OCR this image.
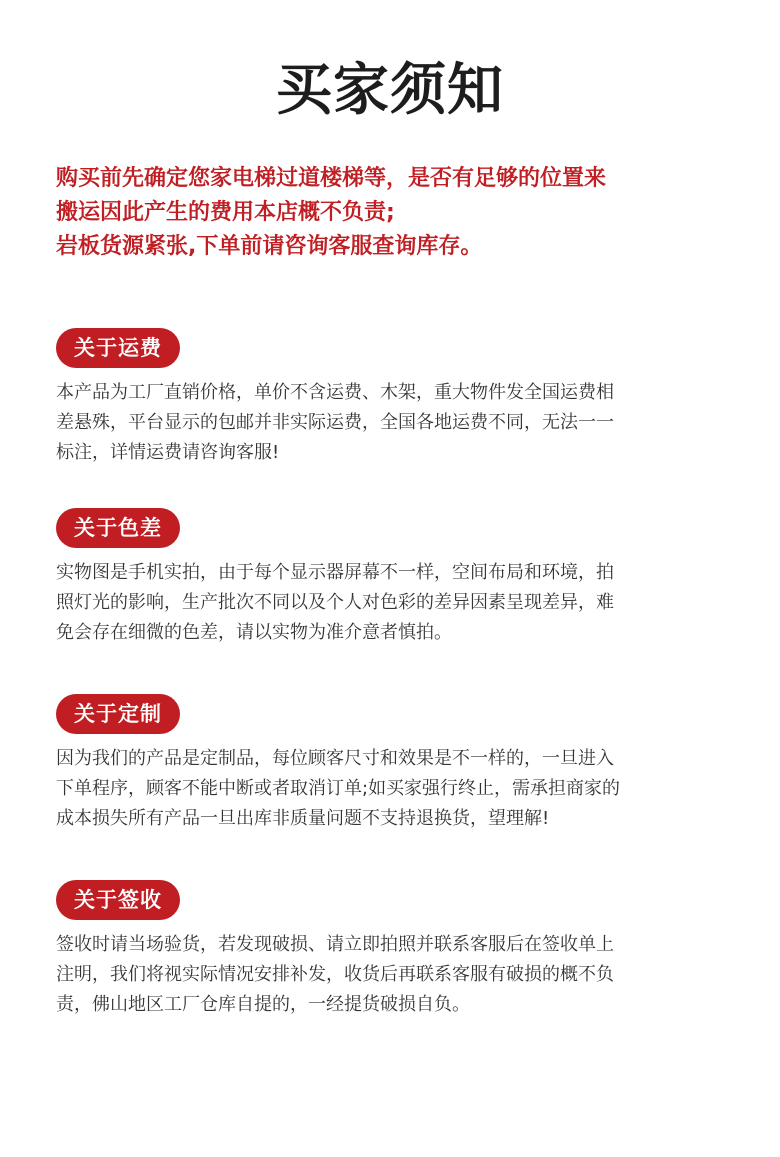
买家须知
购买前先确定您家电梯过道楼梯等，是否有足够的位置来
搬运因此产生的费用本店概不负责;
岩板货源紧张,下单前请咨询客服查询库存。
关于运费
本产品为工厂直销价格，单价不含运费、木架，重大物件发全国运费相
差悬殊，平台显示的包邮并非实际运费，全国各地运费不同，无法一一
标注，详情运费请咨询客服!
关于色差
实物图是手机实拍，由于每个显示器屏幕不一样，空间布局和环境，拍
照灯光的影响，生产批次不同以及个人对色彩的差异因素呈现差异，难
免会存在细微的色差，请以实物为准介意者慎拍。
关于定制
因为我们的产品是定制品，每位顾客尺寸和效果是不一样的，一旦进入
下单程序，顾客不能中断或者取消订单;如买家强行终止，需承担商家的
成本损失所有产品一旦出库非质量问题不支持退换货，望理解!
关于签收
签收时请当场验货，若发现破损、请立即拍照并联系客服后在签收单上
注明，我们将视实际情况安排补发，收货后再联系客服有破损的概不负
责，佛山地区工厂仓库自提的，一经提货破损自负。
